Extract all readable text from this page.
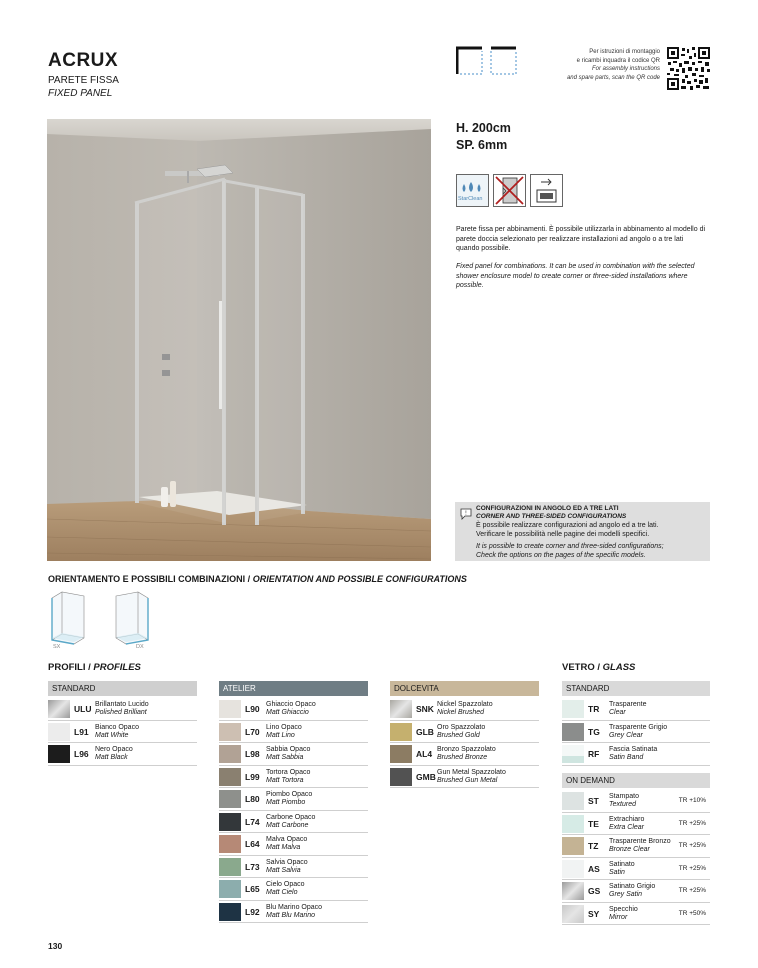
ACRUX
PARETE FISSA
FIXED PANEL
Per istruzioni di montaggio
e ricambi inquadra il codice QR
For assembly instructions
and spare parts, scan the QR code
H. 200cm
SP. 6mm
StarClean
Parete fissa per abbinamenti. È possibile utilizzarla in abbinamento al modello di parete doccia selezionato per realizzare installazioni ad angolo o a tre lati quando possibile.
Fixed panel for combinations. It can be used in combination with the selected shower enclosure model to create corner or three-sided installations where possible.
!
CONFIGURAZIONI IN ANGOLO ED A TRE LATI
CORNER AND THREE-SIDED CONFIGURATIONS
È possibile realizzare configurazioni ad angolo ed a tre lati.
Verificare le possibilità nelle pagine dei modelli specifici.
It is possible to create corner and three-sided configurations;
Check the options on the pages of the specific models.
ORIENTAMENTO E POSSIBILI COMBINAZIONI / ORIENTATION AND POSSIBLE CONFIGURATIONS
SX	DX
PROFILI / PROFILES	VETRO / GLASS
STANDARD
ULU Brillantato Lucido
Polished Brilliant
L91 Bianco Opaco
Matt White
L96 Nero Opaco
Matt Black
ATELIER
L90 Ghiaccio Opaco
Matt Ghiaccio
L70 Lino Opaco
Matt Lino
L98 Sabbia Opaco
Matt Sabbia
L99 Tortora Opaco
Matt Tortora
L80 Piombo Opaco
Matt Piombo
L74 Carbone Opaco
Matt Carbone
L64 Malva Opaco
Matt Malva
L73 Salvia Opaco
Matt Salvia
L65 Cielo Opaco
Matt Cielo
L92 Blu Marino Opaco
Matt Blu Marino
DOLCEVITA
SNK Nickel Spazzolato
Nickel Brushed
GLB Oro Spazzolato
Brushed Gold
AL4 Bronzo Spazzolato
Brushed Bronze
GMB Gun Metal Spazzolato
Brushed Gun Metal
STANDARD
TR Trasparente
Clear
TG Trasparente Grigio
Grey Clear
RF Fascia Satinata
Satin Band
ON DEMAND
ST Stampato
Textured
TR +10%
TE Extrachiaro
Extra Clear
TR +25%
TZ Trasparente Bronzo
Bronze Clear
TR +25%
AS Satinato
Satin
TR +25%
GS Satinato Grigio
Grey Satin
TR +25%
SY Specchio
Mirror
TR +50%
130
